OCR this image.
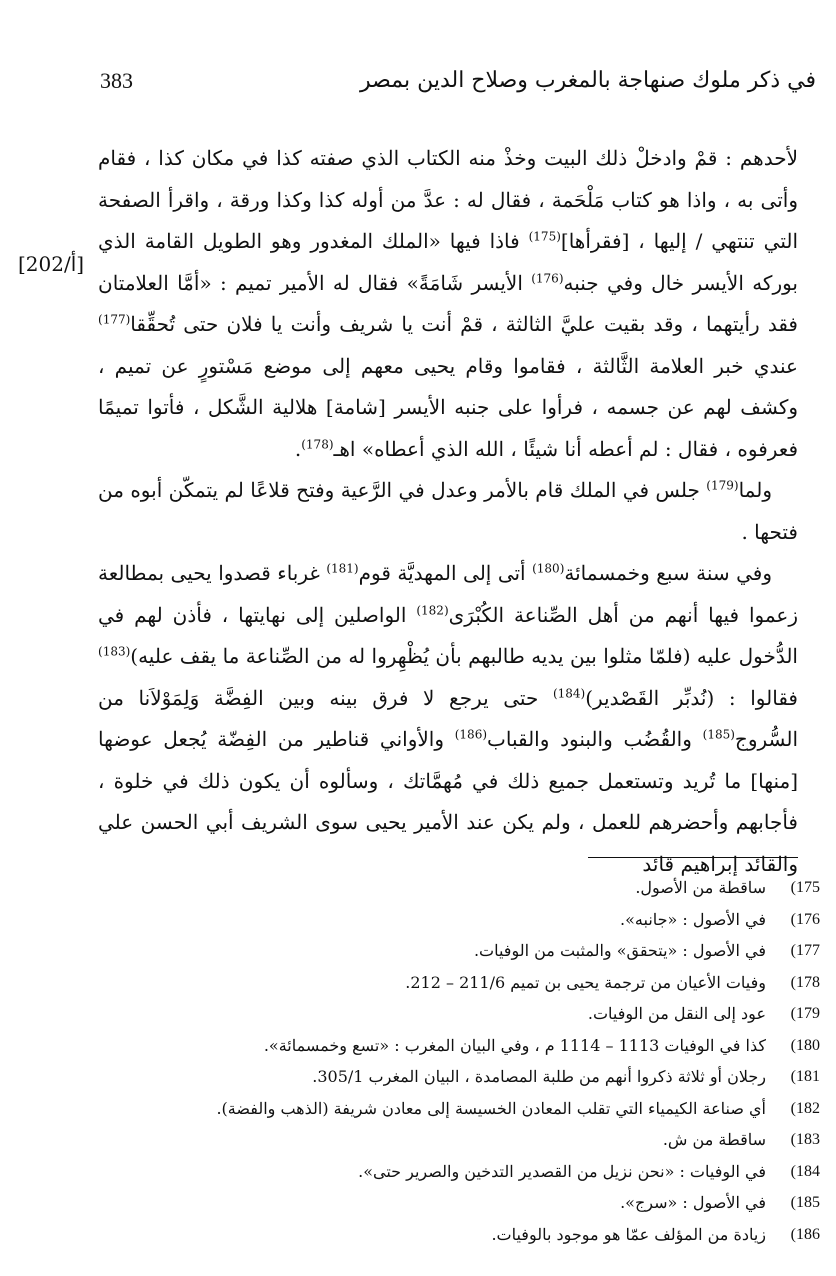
في ذكر ملوك صنهاجة بالمغرب وصلاح الدين بمصر
383
[202/أ]

لأحدهم : قمْ وادخلْ ذلك البيت وخذْ منه الكتاب الذي صفته كذا في مكان كذا ، فقام وأتى به ، واذا هو كتاب مَلْحَمة ، فقال له : عدَّ من أوله كذا وكذا ورقة ، واقرأ الصفحة التي تنتهي / إليها ، [فقرأها]$^{(175)}$ فاذا فيها «الملك المغدور وهو الطويل القامة الذي بوركه الأيسر خال وفي جنبه$^{(176)}$ الأيسر شَامَةً» فقال له الأمير تميم : «أمَّا العلامتان فقد رأيتهما ، وقد بقيت عليَّ الثالثة ، قمْ أنت يا شريف وأنت يا فلان حتى تُحقِّقا$^{(177)}$ عندي خبر العلامة الثَّالثة ، فقاموا وقام يحيى معهم إلى موضع مَسْتورٍ عن تميم ، وكشف لهم عن جسمه ، فرأوا على جنبه الأيسر [شامة] هلالية الشَّكل ، فأتوا تميمًا فعرفوه ، فقال : لم أعطه أنا شيئًا ، الله الذي أعطاه» اهـ$^{(178)}$.

ولما$^{(179)}$ جلس في الملك قام بالأمر وعدل في الرَّعية وفتح قلاعًا لم يتمكّن أبوه من فتحها .

وفي سنة سبع وخمسمائة$^{(180)}$ أتى إلى المهديَّة قوم$^{(181)}$ غرباء قصدوا يحيى بمطالعة زعموا فيها أنهم من أهل الصِّناعة الكُبْرَى$^{(182)}$ الواصلين إلى نهايتها ، فأذن لهم في الدُّخول عليه (فلمّا مثلوا بين يديه طالبهم بأن يُظْهِروا له من الصِّناعة ما يقف عليه)$^{(183)}$ فقالوا : (نُدبِّر القَصْدير)$^{(184)}$ حتى يرجع لا فرق بينه وبين الفِضَّة وَلِمَوْلاَنا من السُّروج$^{(185)}$ والقُضُب والبنود والقباب$^{(186)}$ والأواني قناطير من الفِضّة يُجعل عوضها [منها] ما تُريد وتستعمل جميع ذلك في مُهمَّاتك ، وسألوه أن يكون ذلك في خلوة ، فأجابهم وأحضرهم للعمل ، ولم يكن عند الأمير يحيى سوى الشريف أبي الحسن علي والقائد إبراهيم قائد

175)
ساقطة من الأصول.
176)
في الأصول : «جانبه».
177)
في الأصول : «يتحقق» والمثبت من الوفيات.
178)
وفيات الأعيان من ترجمة يحيى بن تميم 211/6 – 212.
179)
عود إلى النقل من الوفيات.
180)
كذا في الوفيات 1113 – 1114 م ، وفي البيان المغرب : «تسع وخمسمائة».
181)
رجلان أو ثلاثة ذكروا أنهم من طلبة المصامدة ، البيان المغرب 305/1.
182)
أي صناعة الكيمياء التي تقلب المعادن الخسيسة إلى معادن شريفة (الذهب والفضة).
183)
ساقطة من ش.
184)
في الوفيات : «نحن نزيل من القصدير التدخين والصرير حتى».
185)
في الأصول : «سرج».
186)
زيادة من المؤلف عمّا هو موجود بالوفيات.
